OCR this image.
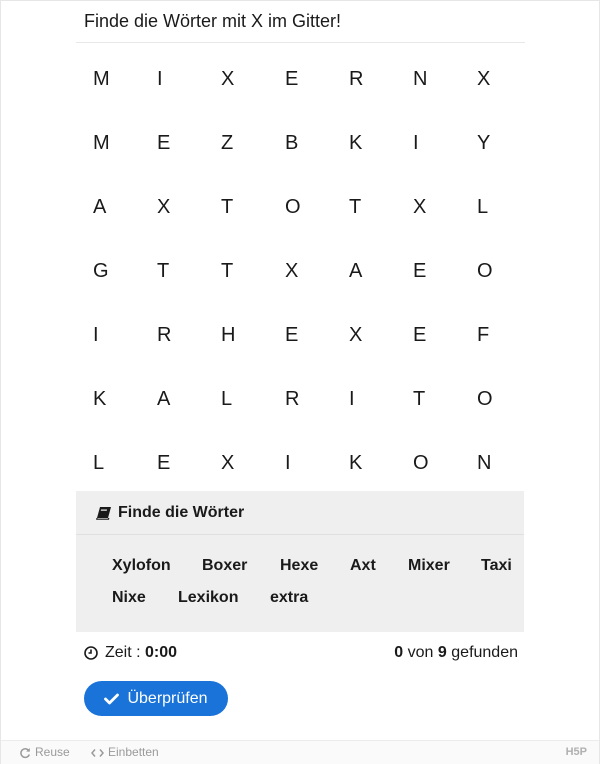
Finde die Wörter mit X im Gitter!
M	I	X	E	R	N	X
M	E	Z	B	K	I	Y
A	X	T	O	T	X	L
G	T	T	X	A	E	O
I	R	H	E	X	E	F
K	A	L	R	I	T	O
L	E	X	I	K	O	N
Finde die Wörter
Xylofon Boxer Hexe Axt Mixer Taxi
Nixe Lexikon extra
Zeit :
0:00	0 von 9 gefunden
Überprüfen
Reuse	Einbetten	H5P
